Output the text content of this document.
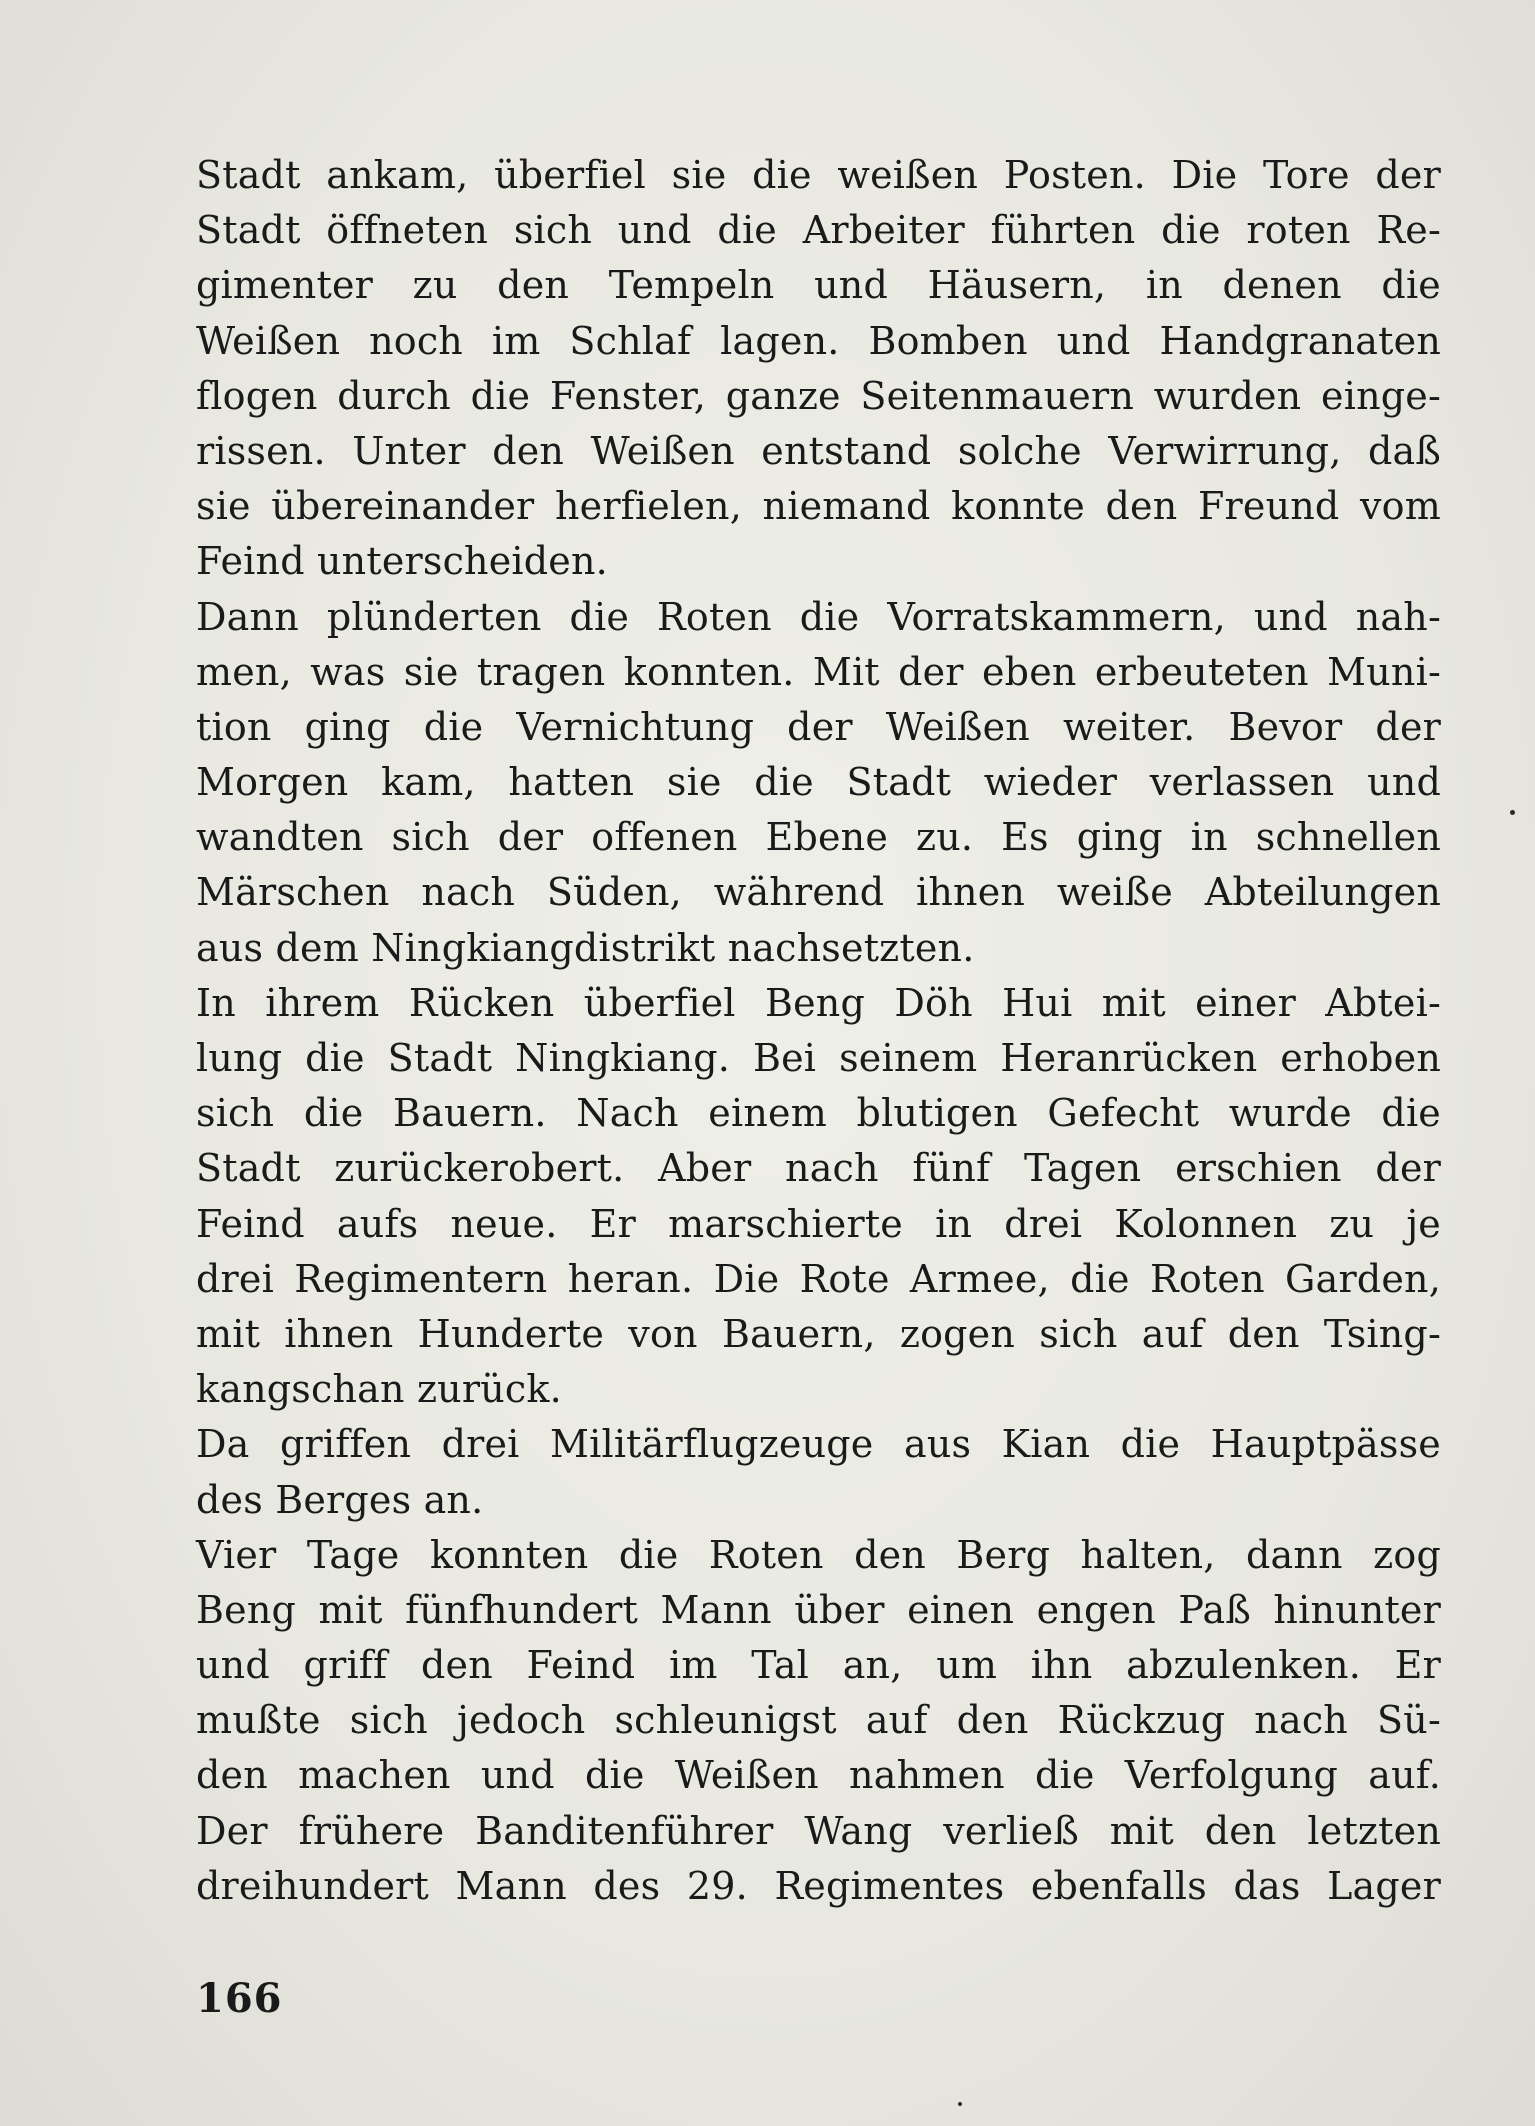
Stadt ankam, überfiel sie die weißen Posten. Die Tore der
Stadt öffneten sich und die Arbeiter führten die roten Re-
gimenter zu den Tempeln und Häusern, in denen die
Weißen noch im Schlaf lagen. Bomben und Handgranaten
flogen durch die Fenster, ganze Seitenmauern wurden einge-
rissen. Unter den Weißen entstand solche Verwirrung, daß
sie übereinander herfielen, niemand konnte den Freund vom
Feind unterscheiden.
Dann plünderten die Roten die Vorratskammern, und nah-
men, was sie tragen konnten. Mit der eben erbeuteten Muni-
tion ging die Vernichtung der Weißen weiter. Bevor der
Morgen kam, hatten sie die Stadt wieder verlassen und
wandten sich der offenen Ebene zu. Es ging in schnellen
Märschen nach Süden, während ihnen weiße Abteilungen
aus dem Ningkiangdistrikt nachsetzten.
In ihrem Rücken überfiel Beng Döh Hui mit einer Abtei-
lung die Stadt Ningkiang. Bei seinem Heranrücken erhoben
sich die Bauern. Nach einem blutigen Gefecht wurde die
Stadt zurückerobert. Aber nach fünf Tagen erschien der
Feind aufs neue. Er marschierte in drei Kolonnen zu je
drei Regimentern heran. Die Rote Armee, die Roten Garden,
mit ihnen Hunderte von Bauern, zogen sich auf den Tsing-
kangschan zurück.
Da griffen drei Militärflugzeuge aus Kian die Hauptpässe
des Berges an.
Vier Tage konnten die Roten den Berg halten, dann zog
Beng mit fünfhundert Mann über einen engen Paß hinunter
und griff den Feind im Tal an, um ihn abzulenken. Er
mußte sich jedoch schleunigst auf den Rückzug nach Sü-
den machen und die Weißen nahmen die Verfolgung auf.
Der frühere Banditenführer Wang verließ mit den letzten
dreihundert Mann des 29. Regimentes ebenfalls das Lager
166
